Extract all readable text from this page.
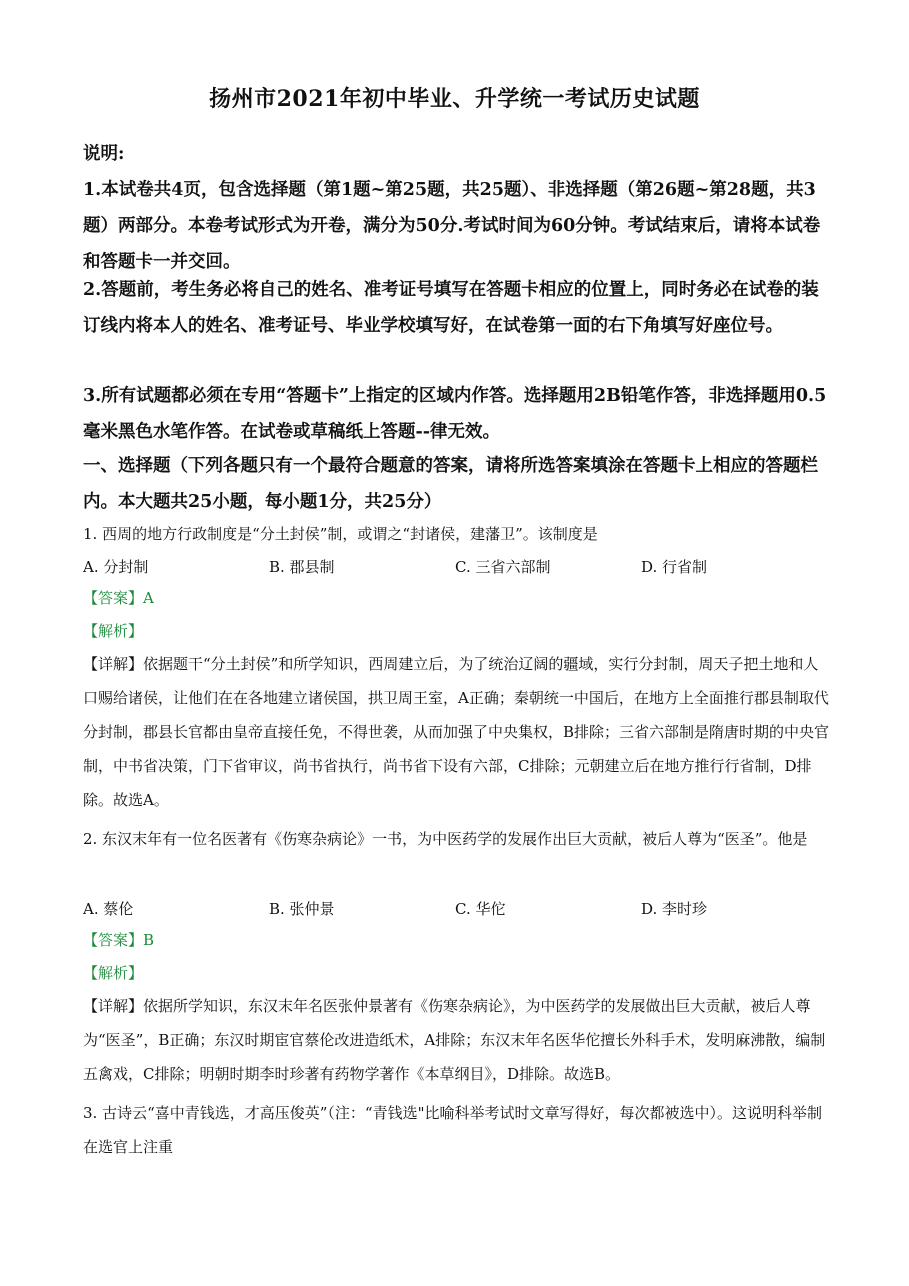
扬州市2021年初中毕业、升学统一考试历史试题
说明:
1.本试卷共4页，包含选择题（第1题~第25题，共25题）、非选择题（第26题~第28题，共3题）两部分。本卷考试形式为开卷，满分为50分.考试时间为60分钟。考试结束后，请将本试卷和答题卡一并交回。
2.答题前，考生务必将自己的姓名、准考证号填写在答题卡相应的位置上，同时务必在试卷的装订线内将本人的姓名、准考证号、毕业学校填写好，在试卷第一面的右下角填写好座位号。
3.所有试题都必须在专用“答题卡”上指定的区域内作答。选择题用2B铅笔作答，非选择题用0.5毫米黑色水笔作答。在试卷或草稿纸上答题--律无效。
一、选择题（下列各题只有一个最符合题意的答案，请将所选答案填涂在答题卡上相应的答题栏内。本大题共25小题，每小题1分，共25分）
1. 西周的地方行政制度是“分土封侯”制，或谓之“封诸侯，建藩卫”。该制度是
A. 分封制	B. 郡县制	C. 三省六部制	D. 行省制
【答案】A
【解析】
【详解】依据题干“分土封侯”和所学知识，西周建立后，为了统治辽阔的疆域，实行分封制，周天子把土地和人口赐给诸侯，让他们在在各地建立诸侯国，拱卫周王室，A正确；秦朝统一中国后，在地方上全面推行郡县制取代分封制，郡县长官都由皇帝直接任免，不得世袭，从而加强了中央集权，B排除；三省六部制是隋唐时期的中央官制，中书省决策，门下省审议，尚书省执行，尚书省下设有六部，C排除；元朝建立后在地方推行行省制，D排除。故选A。
2. 东汉末年有一位名医著有《伤寒杂病论》一书，为中医药学的发展作出巨大贡献，被后人尊为“医圣”。他是
A. 蔡伦	B. 张仲景	C. 华佗	D. 李时珍
【答案】B
【解析】
【详解】依据所学知识，东汉末年名医张仲景著有《伤寒杂病论》，为中医药学的发展做出巨大贡献，被后人尊为“医圣”，B正确；东汉时期宦官蔡伦改进造纸术，A排除；东汉末年名医华佗擅长外科手术，发明麻沸散，编制五禽戏，C排除；明朝时期李时珍著有药物学著作《本草纲目》，D排除。故选B。
3. 古诗云“喜中青钱选，才高压俊英”（注：“青钱选"比喻科举考试时文章写得好，每次都被选中）。这说明科举制在选官上注重
